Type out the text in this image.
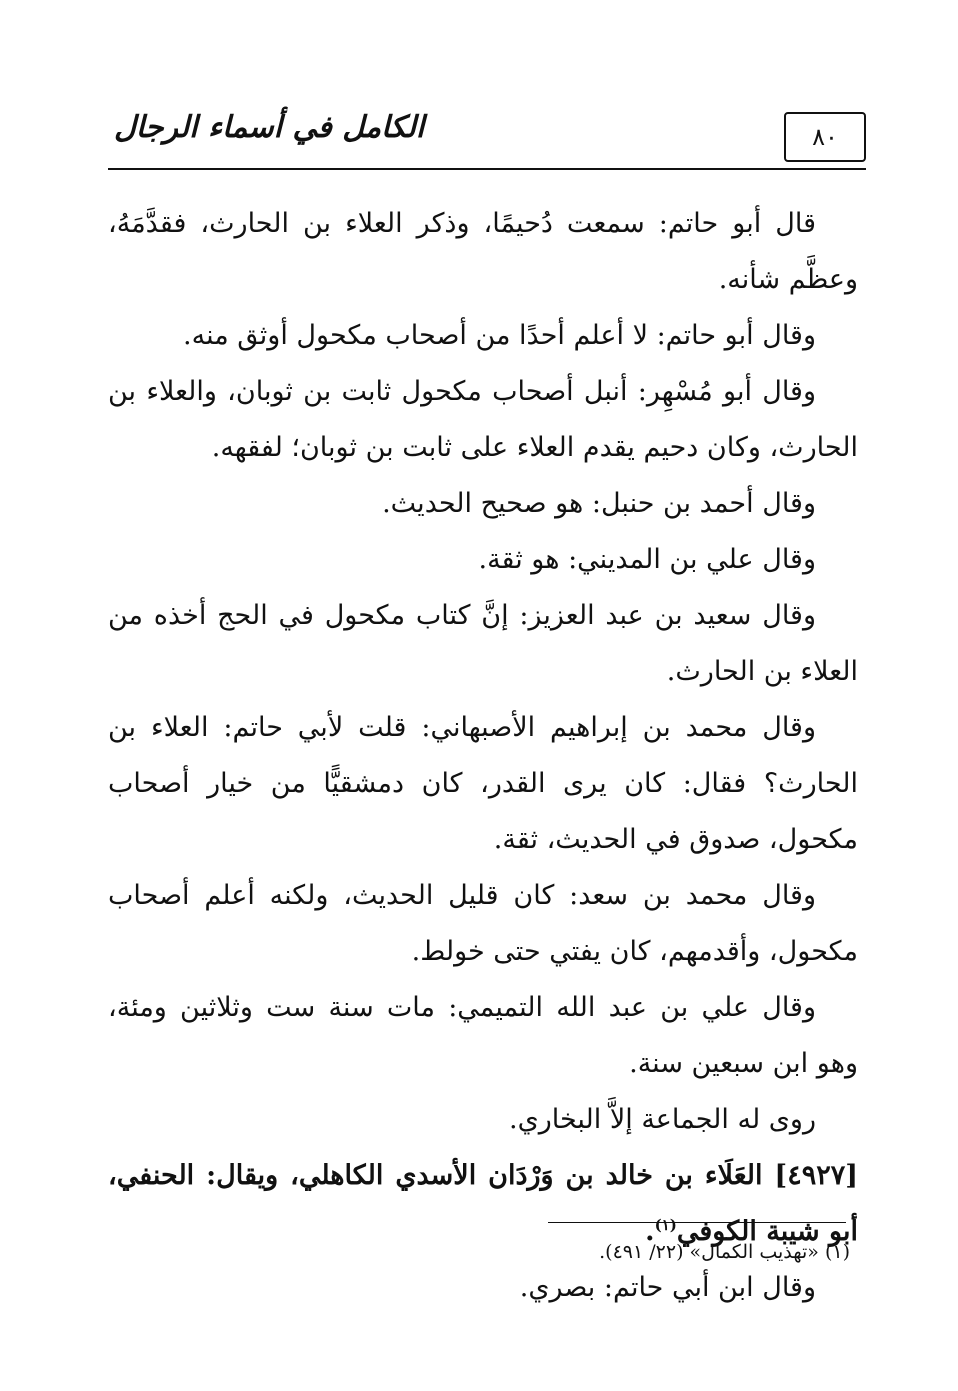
الكامل في أسماء الرجال	٨٠

قال أبو حاتم: سمعت دُحيمًا، وذكر العلاء بن الحارث، فقدَّمَهُ، وعظَّم شأنه.

وقال أبو حاتم: لا أعلم أحدًا من أصحاب مكحول أوثق منه.

وقال أبو مُسْهِر: أنبل أصحاب مكحول ثابت بن ثوبان، والعلاء بن الحارث، وكان دحيم يقدم العلاء على ثابت بن ثوبان؛ لفقهه.

وقال أحمد بن حنبل: هو صحيح الحديث.

وقال علي بن المديني: هو ثقة.

وقال سعيد بن عبد العزيز: إنَّ كتاب مكحول في الحج أخذه من العلاء بن الحارث.

وقال محمد بن إبراهيم الأصبهاني: قلت لأبي حاتم: العلاء بن الحارث؟ فقال: كان يرى القدر، كان دمشقيًّا من خيار أصحاب مكحول، صدوق في الحديث، ثقة.

وقال محمد بن سعد: كان قليل الحديث، ولكنه أعلم أصحاب مكحول، وأقدمهم، كان يفتي حتى خولط.

وقال علي بن عبد الله التميمي: مات سنة ست وثلاثين ومئة، وهو ابن سبعين سنة.

روى له الجماعة إلاَّ البخاري.

[٤٩٢٧] العَلَاء بن خالد بن وَرْدَان الأسدي الكاهلي، ويقال: الحنفي، أبو شيبة الكوفي$^{(١)}$.

وقال ابن أبي حاتم: بصري.

(١) «تهذيب الكمال» (٢٢/ ٤٩١).
